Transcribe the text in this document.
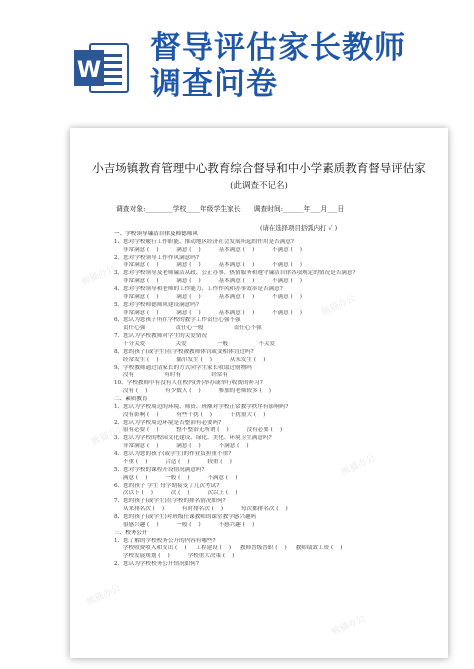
W
督导评估家长教师
调查问卷
小吉场镇教育管理中心教育综合督导和中小学素质教育督导评估家
(此调查不记名)
调查对象:________学校____年级学生家长      调查时间:______年___月___日
(请在选择项目括弧内打 ✓ )
一、学校领导廉洁自律及师德师风
1、您对学校履行工作职能、推动地区经济社会发展所起的作用是否满意?
非常满意 (    )          满意 (    )          基本满意 (    )          不满意 (    )
2、您对学校领导工作作风满意吗?
非常满意 (    )          满意 (    )          基本满意 (    )          不满意 (    )
3、您对学校领导及老师廉洁从政、公正办事、热情服务和遵守廉洁自律各项规定的情况是否满意?
非常满意 (    )          满意 (    )          基本满意 (    )          不满意 (    )
4、您对学校领导和老师的工作能力、工作作风和办事效率是否满意?
非常满意 (    )          满意 (    )          基本满意 (    )          不满意 (    )
5、您对学校师德师风建设满意吗?
非常满意 (    )          满意 (    )          基本满意 (    )          不满意 (    )
6、您认为您孩子所在学校的教学工作责任心强不强
责任心强                 责任心一般                 责任心不强
7、您认为学校教师对学生的关爱情况
十分关爱                 关爱                 一般                 不关爱
8、您的孩子(或学生)在学校被教师体罚或变相体罚过吗?
经常发生 (    )          偶尔发生 (    )          从未发生 (    )
9、学校教师通过请家长的方式向学生家长收取过财物吗
没有                 有时有                 经常有
10、学校教师中有没有人在校内(外)举办或举行收费的补习?
没有 (    )          有少数人 (    )          参加的老师较多 (    )
二、素质教育
1、您认为学校周边的环境、师资、班额对学校正常教学秩序有影响吗?
没有影响 (    )          有些干扰 (    )          干扰很大 (    )
2、您认为学校周边环境是否整治有必要吗?
很有必要 (    )          整不整治无所谓 (    )          没有必要 (    )
3、您认为学校的校园文化建设、绿化、美化、环境卫生满意吗?
非常满意 (    )          满意 (    )          不满意 (    )
4、您认为您的孩子(或学生)的作业负担重不重?
不重 (    )          合适 (    )          较重 (    )
5、您对学校的课程开设情况满意吗?
满意 (    )          一般 (    )          不满意 (    )
6、您的孩子 学生 每学期接受了几次考试?
次以下 (    )          次 (    )          次以上 (    )
7、您的孩子(或学生)在学校的排名情况如何?
从来排名次 (    )          有时排名次 (    )          每次都排名次 (    )
8、您的孩子(或学生)对班级任课教师的课堂教学感兴趣吗
很感兴趣 (    )          一般 (    )          不感兴趣 (    )
三、校务公开
1、您了解的学校校务公开的内容有哪些?
学校收费收入和支出 (    )     工程建设 (    )     教师晋级晋职 (    )     教师绩效工资 (    )
学校发展规划 (    )          学校重大决策 (    )
2、您认为学校校务公开情况如何?
熊猫办公
熊猫办公
熊猫办公
熊猫办公
熊猫办公
熊猫办公
